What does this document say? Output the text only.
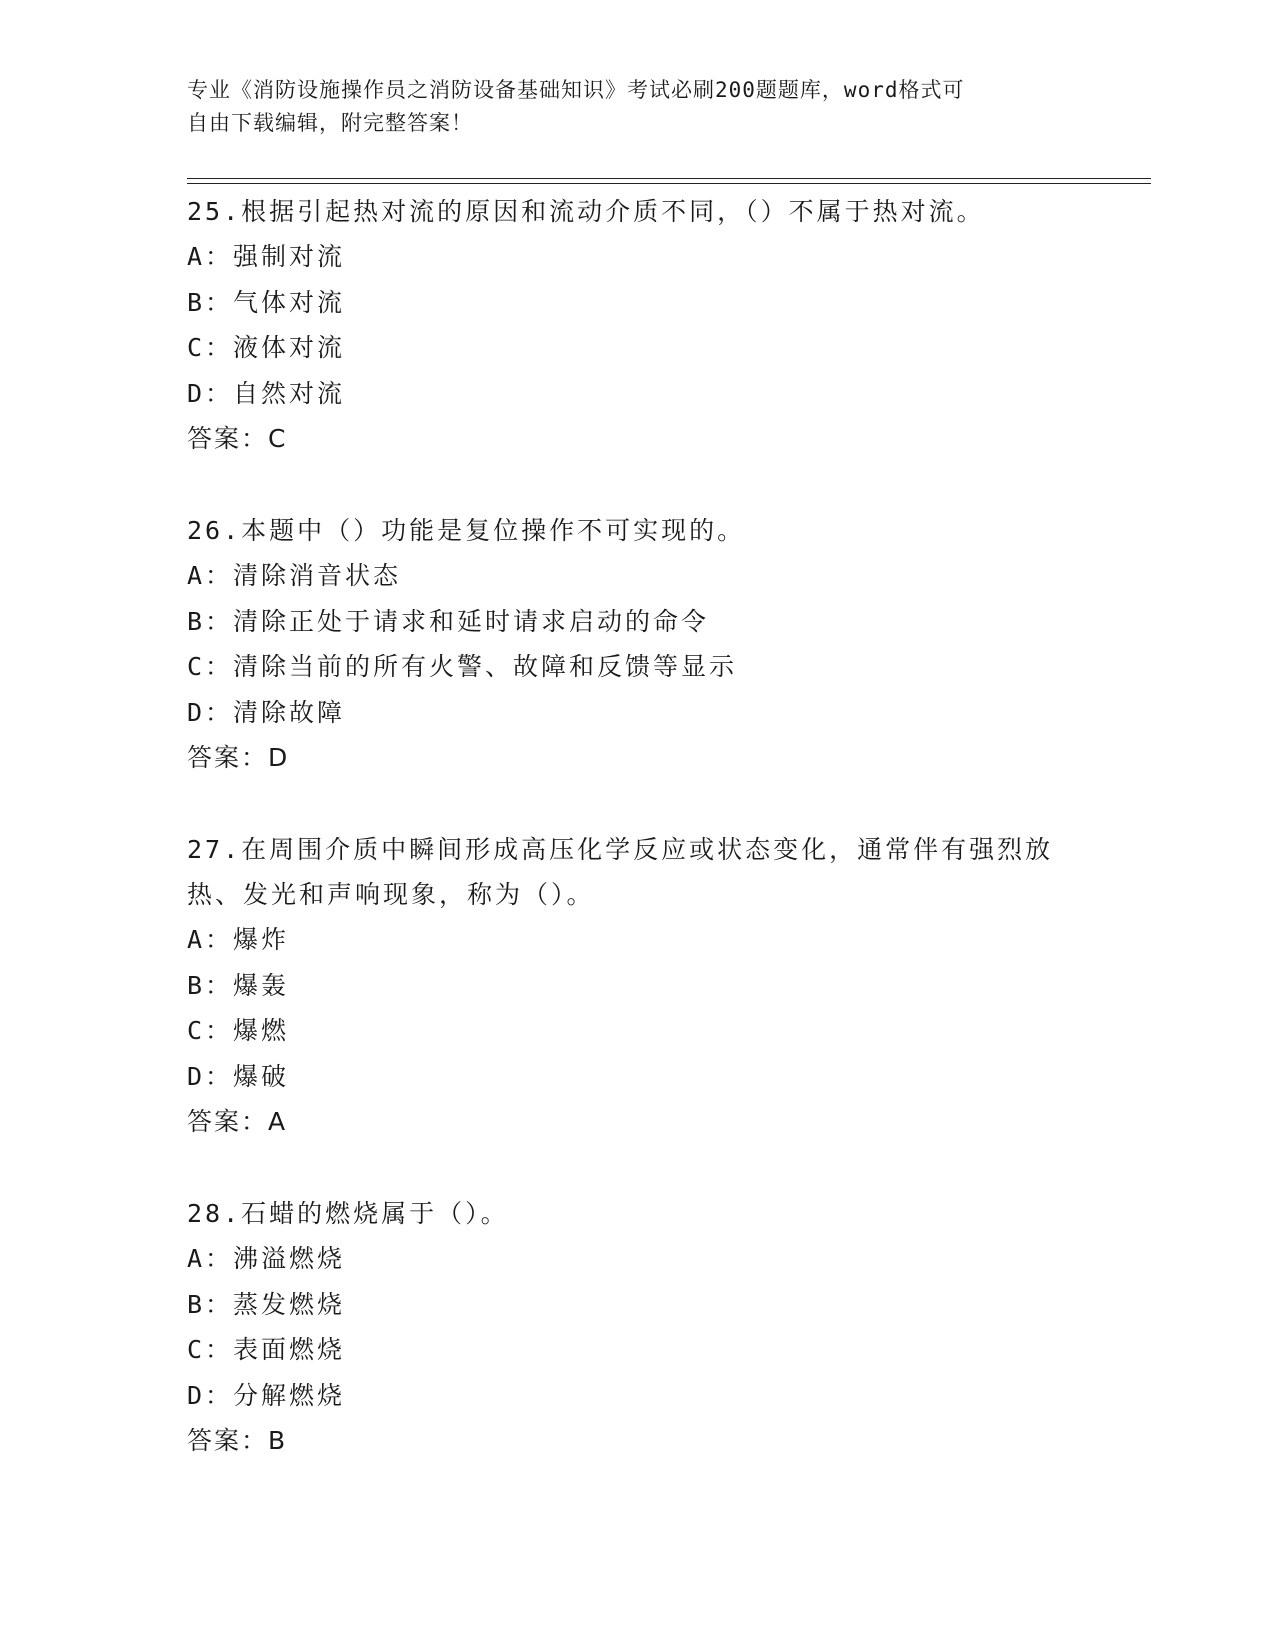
专业《消防设施操作员之消防设备基础知识》考试必刷200题题库，word格式可
自由下载编辑，附完整答案！

25.根据引起热对流的原因和流动介质不同，（）不属于热对流。

A：强制对流

B：气体对流

C：液体对流

D：自然对流

答案：C

26.本题中（）功能是复位操作不可实现的。

A：清除消音状态

B：清除正处于请求和延时请求启动的命令

C：清除当前的所有火警、故障和反馈等显示

D：清除故障

答案：D

27.在周围介质中瞬间形成高压化学反应或状态变化，通常伴有强烈放热、发光和声响现象，称为（）。

A：爆炸

B：爆轰

C：爆燃

D：爆破

答案：A

28.石蜡的燃烧属于（）。

A：沸溢燃烧

B：蒸发燃烧

C：表面燃烧

D：分解燃烧

答案：B
